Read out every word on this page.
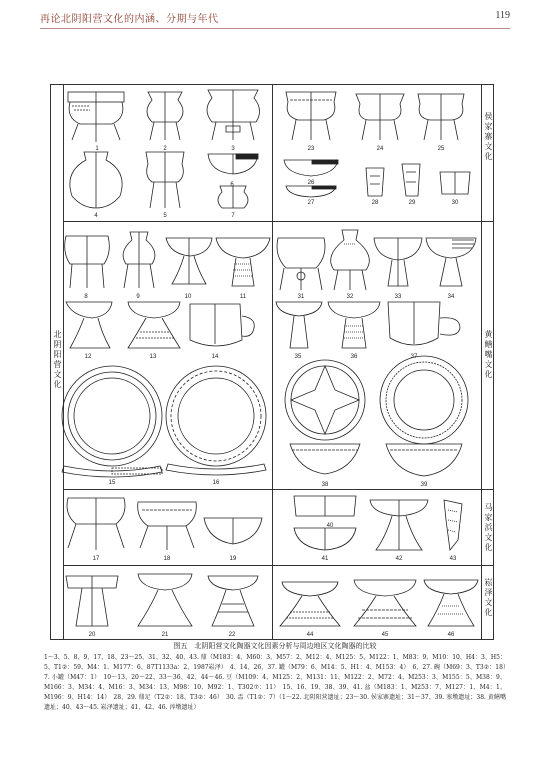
再论北阴阳营文化的内涵、分期与年代	119
北阴阳营文化
侯家寨文化
黄鳝嘴文化
马家浜文化
崧泽文化
1	2	3
4	5
6
7
23	24	25
26
27	28	29	30
8	9	10	11	31	32	33	34
12	13	14	35	36	37
15	16	38	39
17	18	19
40
41	42	43
20	21	22	44	45	46
图五　北阴阳营文化陶器文化因素分析与周边地区文化陶器的比较
1～3、5、8、9、17、18、23～25、31、32、40、43. 鼎（M183：4、M60：3、M57：2、M12：4、M125：5、M122：1、M83：9、M10：10、H4：3、H5：5、T1②：59、M4：1、M177：6、87T1133a：2、1987崧泽）　4、14、26、37. 罐（M79：6、M14：5、H1：4、M153：4）　6、27. 碗（M69：3、T3②：18）　7. 小罐（M47：1）　10～13、20～22、33～36、42、44～46. 豆（M109：4、M125：2、M131：11、M122：2、M72：4、M253：3、M155：5、M38：9、M166：3、M34：4、M16：3、M34：13、M98：10、M92：1、T302⑦：11）　15、16、19、38、39、41. 盆（M183：1、M253：7、M127：1、M4：1、M196：9、H14：14）　28、29. 鼎足（T2②：18、T3②：46）　30. 盂（T1②：7）（1～22. 北阴阳营遗址；23～30. 侯家寨遗址；31～37、39. 塞墩遗址；38. 黄鳝嘴遗址；40、43～45. 崧泽遗址；41、42、46. 淬墩遗址）
